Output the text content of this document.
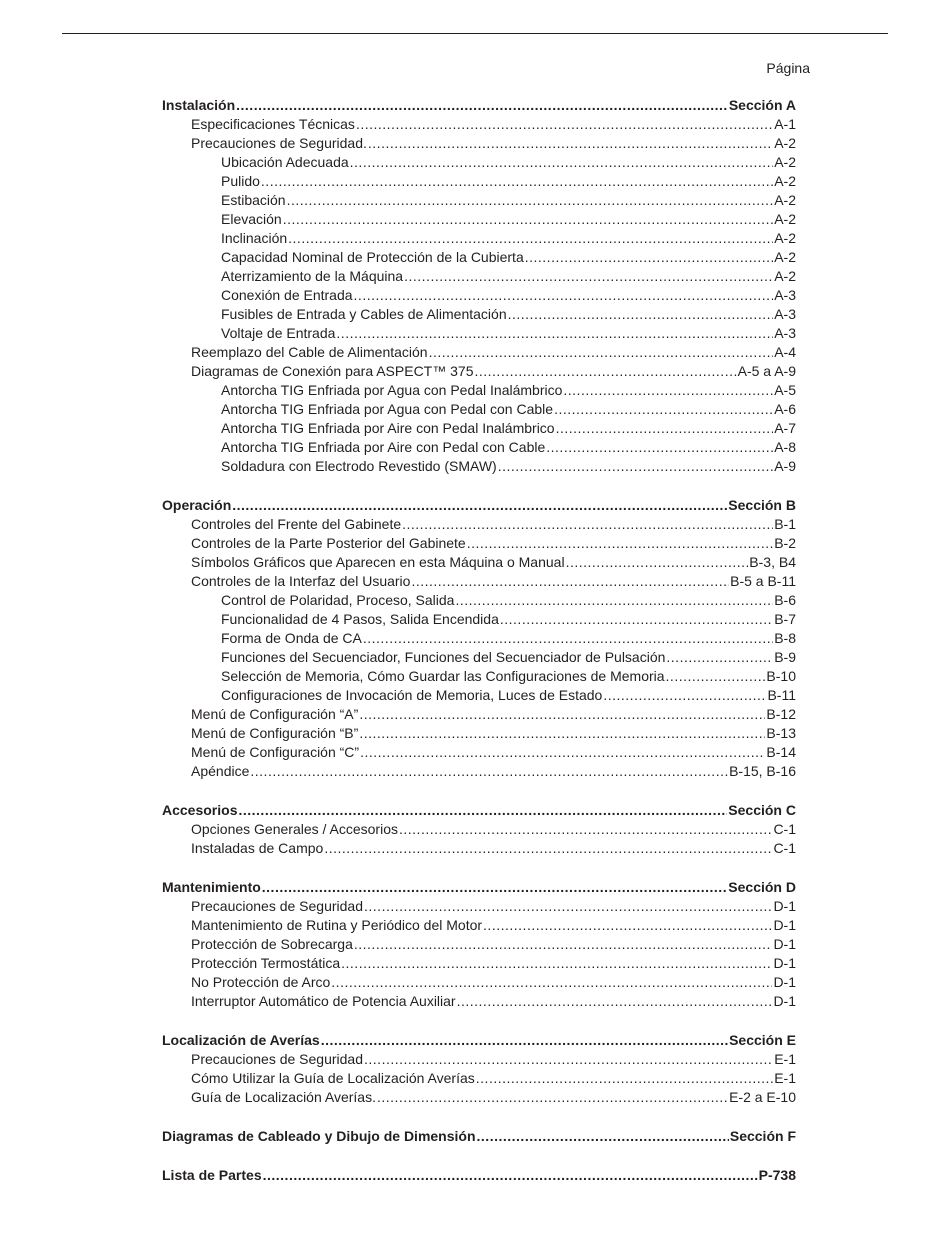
Página
Instalación .....	Sección A
Especificaciones Técnicas .....	A-1
Precauciones de Seguridad. .....	A-2
Ubicación Adecuada .....	A-2
Pulido .....	A-2
Estibación .....	A-2
Elevación .....	A-2
Inclinación .....	A-2
Capacidad Nominal de Protección de la Cubierta .....	A-2
Aterrizamiento de la Máquina .....	A-2
Conexión de Entrada .....	A-3
Fusibles de Entrada y Cables de Alimentación .....	A-3
Voltaje de Entrada .....	A-3
Reemplazo del Cable de Alimentación .....	A-4
Diagramas de Conexión para ASPECT™ 375 .....	A-5 a A-9
Antorcha TIG Enfriada por Agua con Pedal Inalámbrico .....	A-5
Antorcha TIG Enfriada por Agua con Pedal con Cable .....	A-6
Antorcha TIG Enfriada por Aire con Pedal Inalámbrico .....	A-7
Antorcha TIG Enfriada por Aire con Pedal con Cable .....	A-8
Soldadura con Electrodo Revestido (SMAW) .....	A-9
Operación .....	Sección B
Controles del Frente del Gabinete .....	B-1
Controles de la Parte Posterior del Gabinete .....	B-2
Símbolos Gráficos que Aparecen en esta Máquina o Manual .....	B-3, B4
Controles de la Interfaz del Usuario .....	B-5 a B-11
Control de Polaridad, Proceso, Salida .....	B-6
Funcionalidad de 4 Pasos, Salida Encendida .....	B-7
Forma de Onda de CA .....	B-8
Funciones del Secuenciador, Funciones del Secuenciador de Pulsación .....	B-9
Selección de Memoria, Cómo Guardar las Configuraciones de Memoria .....	B-10
Configuraciones de Invocación de Memoria, Luces de Estado .....	B-11
Menú de Configuración “A” .....	B-12
Menú de Configuración “B” .....	B-13
Menú de Configuración “C” .....	B-14
Apéndice .....	B-15, B-16
Accesorios .....	Sección C
Opciones Generales / Accesorios .....	C-1
Instaladas de Campo .....	C-1
Mantenimiento .....	Sección D
Precauciones de Seguridad .....	D-1
Mantenimiento de Rutina y Periódico del Motor .....	D-1
Protección de Sobrecarga .....	D-1
Protección Termostática .....	D-1
No Protección de Arco .....	D-1
Interruptor Automático de Potencia Auxiliar .....	D-1
Localización de Averías .....	Sección E
Precauciones de Seguridad .....	E-1
Cómo Utilizar la Guía de Localización Averías .....	E-1
Guía de Localización Averías. .....	E-2 a E-10
Diagramas de Cableado y Dibujo de Dimensión .....	Sección F
Lista de Partes .....	P-738
